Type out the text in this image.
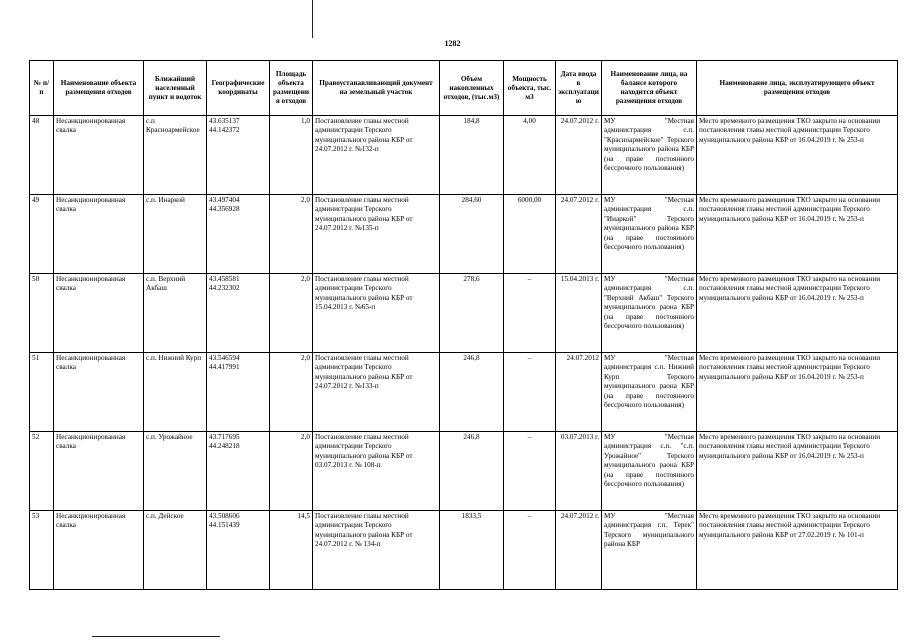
1282
№ п/п	Наименование объекта размещения отходов	Ближайший населенный пункт и водоток	Географические координаты	Площадь объекта размещения отходов	Правоустанавливающий документ на земельный участок	Объем накопленных отходов, (тыс.м3)	Мощность объекта, тыс. м3	Дата ввода в эксплуатацию	Наименование лица, на балансе которого находится объект размещения отходов	Наименование лица, эксплуатирующего объект размещения отходов
48	Несанкционированная свалка	с.п Красноармейское	43.635137 44.142372	1,0	Постановление главы местной администрации Терского муниципального района КБР от 24.07.2012 г. №132-п	184,8	4,00	24.07.2012 г.	МУ "Местная администрация с.п. "Красноармейское" Терского муниципального района КБР (на праве постоянного бессрочного пользования)	Место временного размещения ТКО закрыто на основании постановления главы местной администрации Терского муниципального района КБР от 16.04.2019 г. № 253-п
49	Несанкционированная свалка	с.п. Инаркой	43.497404 44.356928	2,0	Постановление главы местной администрации Терского муниципального района КБР от 24.07.2012 г. №135-п	284,60	6000,00	24.07.2012 г.	МУ "Местная администрация с.п. "Инаркой" Терского муниципального района КБР (на праве постоянного бессрочного пользования)	Место временного размещения ТКО закрыто на основании постановления главы местной администрации Терского муниципального района КБР от 16.04.2019 г. № 253-п
50	Несанкционированная свалка	с.п. Верхний Акбаш	43.458581 44.232302	2,0	Постановление главы местной администрации Терского муниципального района КБР от 15.04.2013 г. №65-п	278,6	–	15.04.2013 г.	МУ "Местная администрация с.п. "Верхний Акбаш" Терского муниципального раона КБР (на праве постоянного бессрочного пользования)	Место временного размещения ТКО закрыто на основании постановления главы местной администрации Терского муниципального района КБР от 16.04.2019 г. № 253-п
51	Несанкционированная свалка	с.п. Нижний Курп	43.546594 44.417991	2,0	Постановление главы местной администрации Терского муниципального района КБР от 24.07.2012 г. №133-п	246,8	–	24.07.2012	МУ "Местная администрация с.п. Нижний Курп Терского муниципального раона КБР (на праве постоянного бессрочного пользования)	Место временного размещения ТКО закрыто на основании постановления главы местной администрации Терского муниципального района КБР от 16.04.2019 г. № 253-п
52	Несанкционированная свалка	с.п. Урожайное	43.717695 44.248218	2,0	Постановление главы местной администрации Терского муниципального района КБР от 03.07.2013 г. № 108-п	246,8	–	03.07.2013 г.	МУ "Местная администрация с.п. "с.п. Урожайное" Терского муниципального раона КБР (на праве постоянного бессрочного пользования)	Место временного размещения ТКО закрыто на основании постановления главы местной администрации Терского муниципального района КБР от 16.04.2019 г. № 253-п
53	Несанкционированная свалка	с.п. Дейское	43.508606 44.151439	14,5	Постановление главы местной администрации Терского муниципального района КБР от 24.07.2012 г. № 134-п	1833,5	–	24.07.2012 г.	МУ "Местная администрация г.п. Терек" Терского муниципального района КБР	Место временного размещения ТКО закрыто на основании постановления главы местной администрации Терского муниципального района КБР от 27.02.2019 г. № 101-п
